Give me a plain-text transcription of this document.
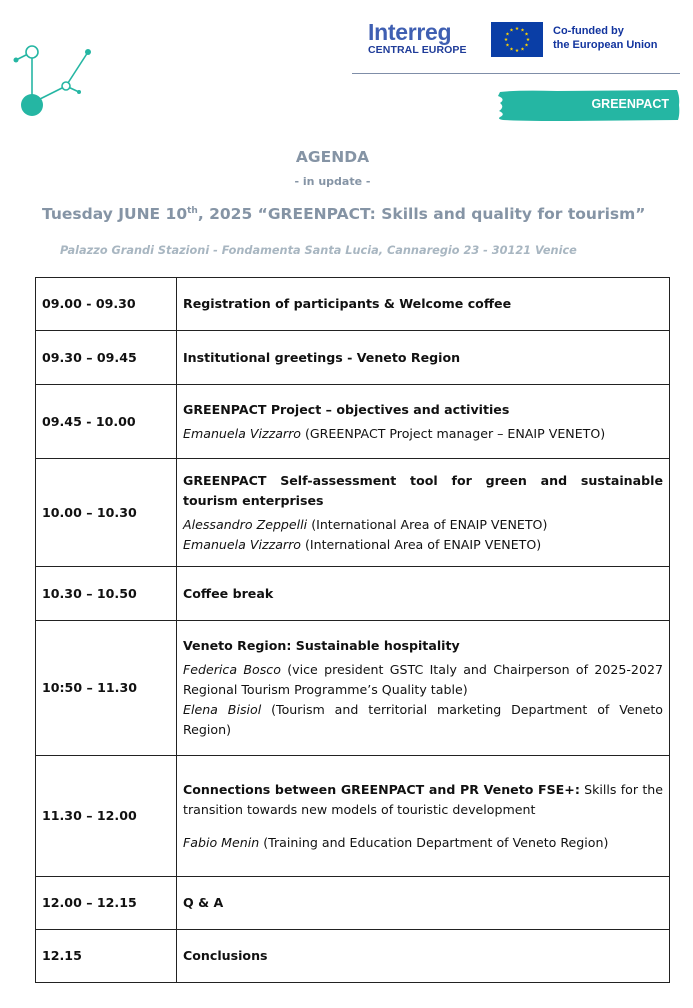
Interreg
CENTRAL EUROPE
Co-funded by
the European Union
GREENPACT
AGENDA
- in update -
Tuesday JUNE 10th, 2025 “GREENPACT: Skills and quality for tourism”
Palazzo Grandi Stazioni - Fondamenta Santa Lucia, Cannaregio 23 - 30121 Venice
09.00 - 09.30	Registration of participants & Welcome coffee

09.30 – 09.45	Institutional greetings - Veneto Region

09.45 - 10.00	GREENPACT Project – objectives and activities
Emanuela Vizzarro (GREENPACT Project manager – ENAIP VENETO)

10.00 – 10.30	GREENPACT Self-assessment tool for green and sustainable tourism enterprises
Alessandro Zeppelli (International Area of ENAIP VENETO)
Emanuela Vizzarro (International Area of ENAIP VENETO)

10.30 – 10.50	Coffee break

10:50 – 11.30	Veneto Region: Sustainable hospitality
Federica Bosco (vice president GSTC Italy and Chairperson of 2025-2027 Regional Tourism Programme’s Quality table)
Elena Bisiol (Tourism and territorial marketing Department of Veneto Region)

11.30 – 12.00	Connections between GREENPACT and PR Veneto FSE+: Skills for the transition towards new models of touristic development
Fabio Menin (Training and Education Department of Veneto Region)

12.00 – 12.15	Q & A

12.15	Conclusions
